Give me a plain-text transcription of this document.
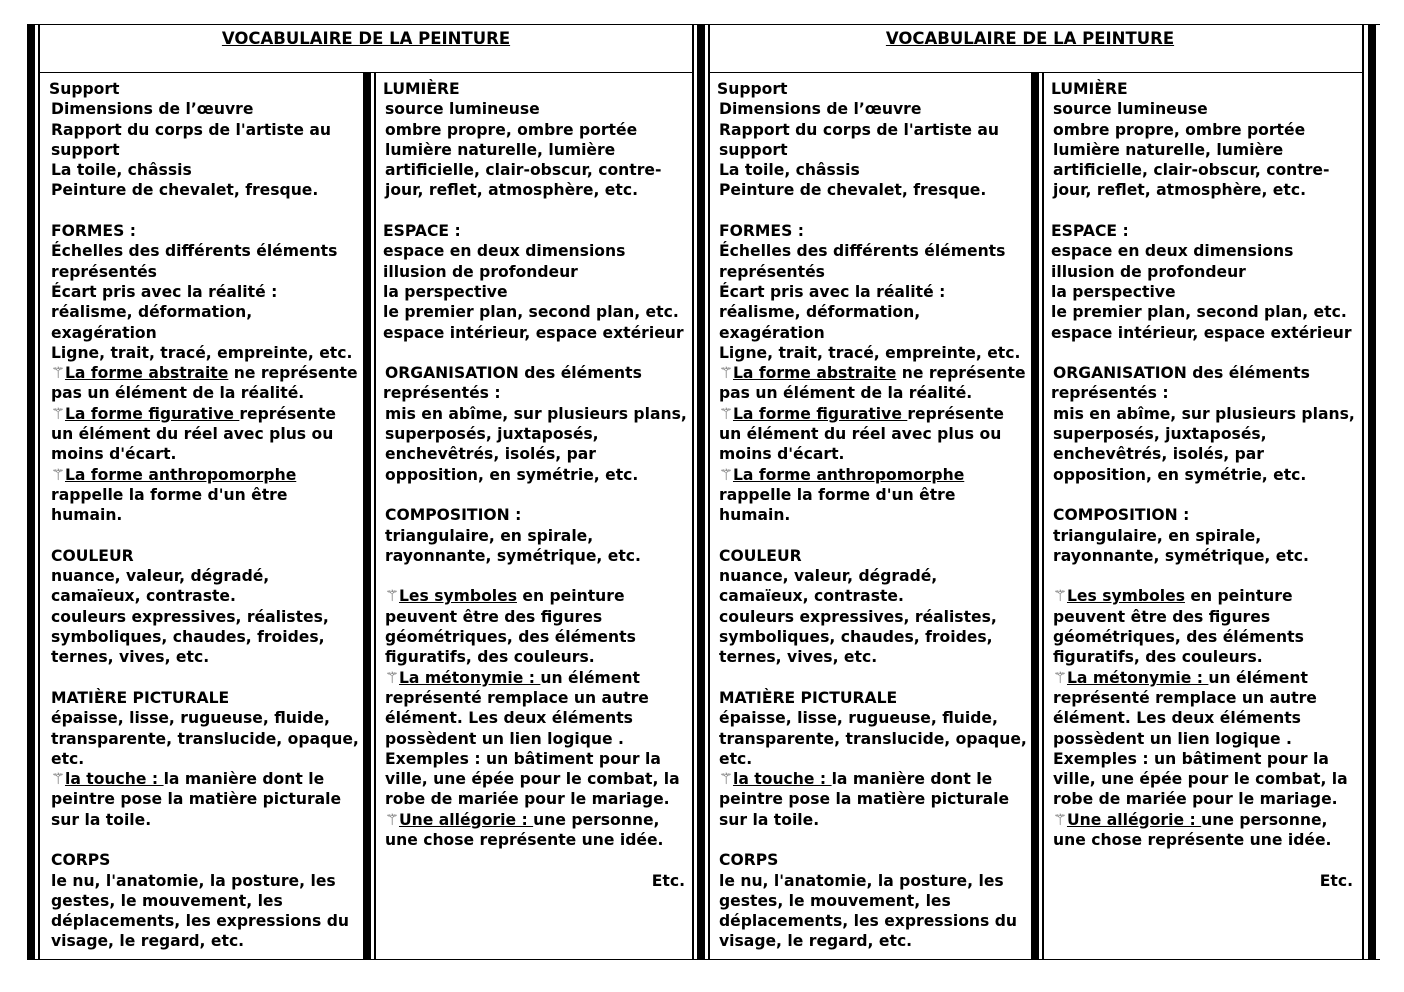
VOCABULAIRE DE LA PEINTURE
Support
Dimensions de l’œuvre
Rapport du corps de l'artiste au
support
La toile, châssis
Peinture de chevalet, fresque.
FORMES :
Échelles des différents éléments
représentés
Écart pris avec la réalité :
réalisme, déformation,
exagération
Ligne, trait, tracé, empreinte, etc.
⚚La forme abstraite ne représente
pas un élément de la réalité.
⚚La forme figurative représente
un élément du réel avec plus ou
moins d'écart.
⚚La forme anthropomorphe
rappelle la forme d'un être
humain.
COULEUR
nuance, valeur, dégradé,
camaïeux, contraste.
couleurs expressives, réalistes,
symboliques, chaudes, froides,
ternes, vives, etc.
MATIÈRE PICTURALE
épaisse, lisse, rugueuse, fluide,
transparente, translucide, opaque,
etc.
⚚la touche : la manière dont le
peintre pose la matière picturale
sur la toile.
CORPS
le nu, l'anatomie, la posture, les
gestes, le mouvement, les
déplacements, les expressions du
visage, le regard, etc.
LUMIÈRE
source lumineuse
ombre propre, ombre portée
lumière naturelle, lumière
artificielle, clair-obscur, contre-
jour, reflet, atmosphère, etc.
ESPACE :
espace en deux dimensions
illusion de profondeur
la perspective
le premier plan, second plan, etc.
espace intérieur, espace extérieur
ORGANISATION des éléments
représentés :
mis en abîme, sur plusieurs plans,
superposés, juxtaposés,
enchevêtrés, isolés, par
opposition, en symétrie, etc.
COMPOSITION :
triangulaire, en spirale,
rayonnante, symétrique, etc.
⚚Les symboles en peinture
peuvent être des figures
géométriques, des éléments
figuratifs, des couleurs.
⚚La métonymie : un élément
représenté remplace un autre
élément. Les deux éléments
possèdent un lien logique .
Exemples : un bâtiment pour la
ville, une épée pour le combat, la
robe de mariée pour le mariage.
⚚Une allégorie : une personne,
une chose représente une idée.
Etc.
VOCABULAIRE DE LA PEINTURE
Support
Dimensions de l’œuvre
Rapport du corps de l'artiste au
support
La toile, châssis
Peinture de chevalet, fresque.
FORMES :
Échelles des différents éléments
représentés
Écart pris avec la réalité :
réalisme, déformation,
exagération
Ligne, trait, tracé, empreinte, etc.
⚚La forme abstraite ne représente
pas un élément de la réalité.
⚚La forme figurative représente
un élément du réel avec plus ou
moins d'écart.
⚚La forme anthropomorphe
rappelle la forme d'un être
humain.
COULEUR
nuance, valeur, dégradé,
camaïeux, contraste.
couleurs expressives, réalistes,
symboliques, chaudes, froides,
ternes, vives, etc.
MATIÈRE PICTURALE
épaisse, lisse, rugueuse, fluide,
transparente, translucide, opaque,
etc.
⚚la touche : la manière dont le
peintre pose la matière picturale
sur la toile.
CORPS
le nu, l'anatomie, la posture, les
gestes, le mouvement, les
déplacements, les expressions du
visage, le regard, etc.
LUMIÈRE
source lumineuse
ombre propre, ombre portée
lumière naturelle, lumière
artificielle, clair-obscur, contre-
jour, reflet, atmosphère, etc.
ESPACE :
espace en deux dimensions
illusion de profondeur
la perspective
le premier plan, second plan, etc.
espace intérieur, espace extérieur
ORGANISATION des éléments
représentés :
mis en abîme, sur plusieurs plans,
superposés, juxtaposés,
enchevêtrés, isolés, par
opposition, en symétrie, etc.
COMPOSITION :
triangulaire, en spirale,
rayonnante, symétrique, etc.
⚚Les symboles en peinture
peuvent être des figures
géométriques, des éléments
figuratifs, des couleurs.
⚚La métonymie : un élément
représenté remplace un autre
élément. Les deux éléments
possèdent un lien logique .
Exemples : un bâtiment pour la
ville, une épée pour le combat, la
robe de mariée pour le mariage.
⚚Une allégorie : une personne,
une chose représente une idée.
Etc.
